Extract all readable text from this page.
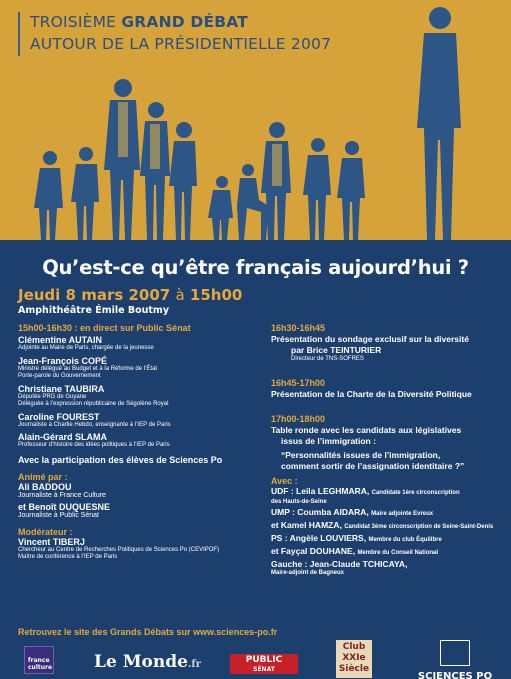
TROISIÈME GRAND DÉBAT
AUTOUR DE LA PRÉSIDENTIELLE 2007
Qu’est-ce qu’être français aujourd’hui ?
Jeudi 8 mars 2007 à 15h00
Amphithéâtre Émile Boutmy
15h00-16h30 : en direct sur Public Sénat
Clémentine AUTAIN
Adjointe au Maire de Paris, chargée de la jeunesse
Jean-François COPÉ
Ministre délégué au Budget et à la Réforme de l’État
Porte-parole du Gouvernement
Christiane TAUBIRA
Députée PRG de Guyane
Déléguée à l’expression républicaine de Ségolène Royal
Caroline FOUREST
Journaliste à Charlie Hebdo, enseignante à l’IEP de Paris
Alain-Gérard SLAMA
Professeur d’histoire des idées politiques à l’IEP de Paris
Avec la participation des élèves de Sciences Po
Animé par :
Ali BADDOU
Journaliste à France Culture
et Benoît DUQUESNE
Journaliste à Public Sénat
Modérateur :
Vincent TIBERJ
Chercheur au Centre de Recherches Politiques de Sciences Po (CEVIPOF)
Maître de conférence à l’IEP de Paris
16h30-16h45
Présentation du sondage exclusif sur la diversité
par Brice TEINTURIER
Directeur de TNS-SOFRES
16h45-17h00
Présentation de la Charte de la Diversité Politique
17h00-18h00
Table ronde avec les candidats aux législatives
issus de l’immigration :
“Personnalités issues de l’immigration,
comment sortir de l’assignation identitaire ?”
Avec :
UDF : Leila LEGHMARA, Candidate 1ère circonscription
des Hauts-de-Seine
UMP : Coumba AIDARA, Maire adjointe Evreux
et Kamel HAMZA, Candidat 3ème circonscription de Seine-Saint-Denis
PS : Angèle LOUVIERS, Membre du club Équilibre
et Fayçal DOUHANE, Membre du Conseil National
Gauche : Jean-Claude TCHICAYA,
Maire-adjoint de Bagneux
Retrouvez le site des Grands Débats sur www.sciences-po.fr
france culture Le Monde.fr	PUBLIC
SÉNAT
Club XXIe Siècle
SCIENCES PO
